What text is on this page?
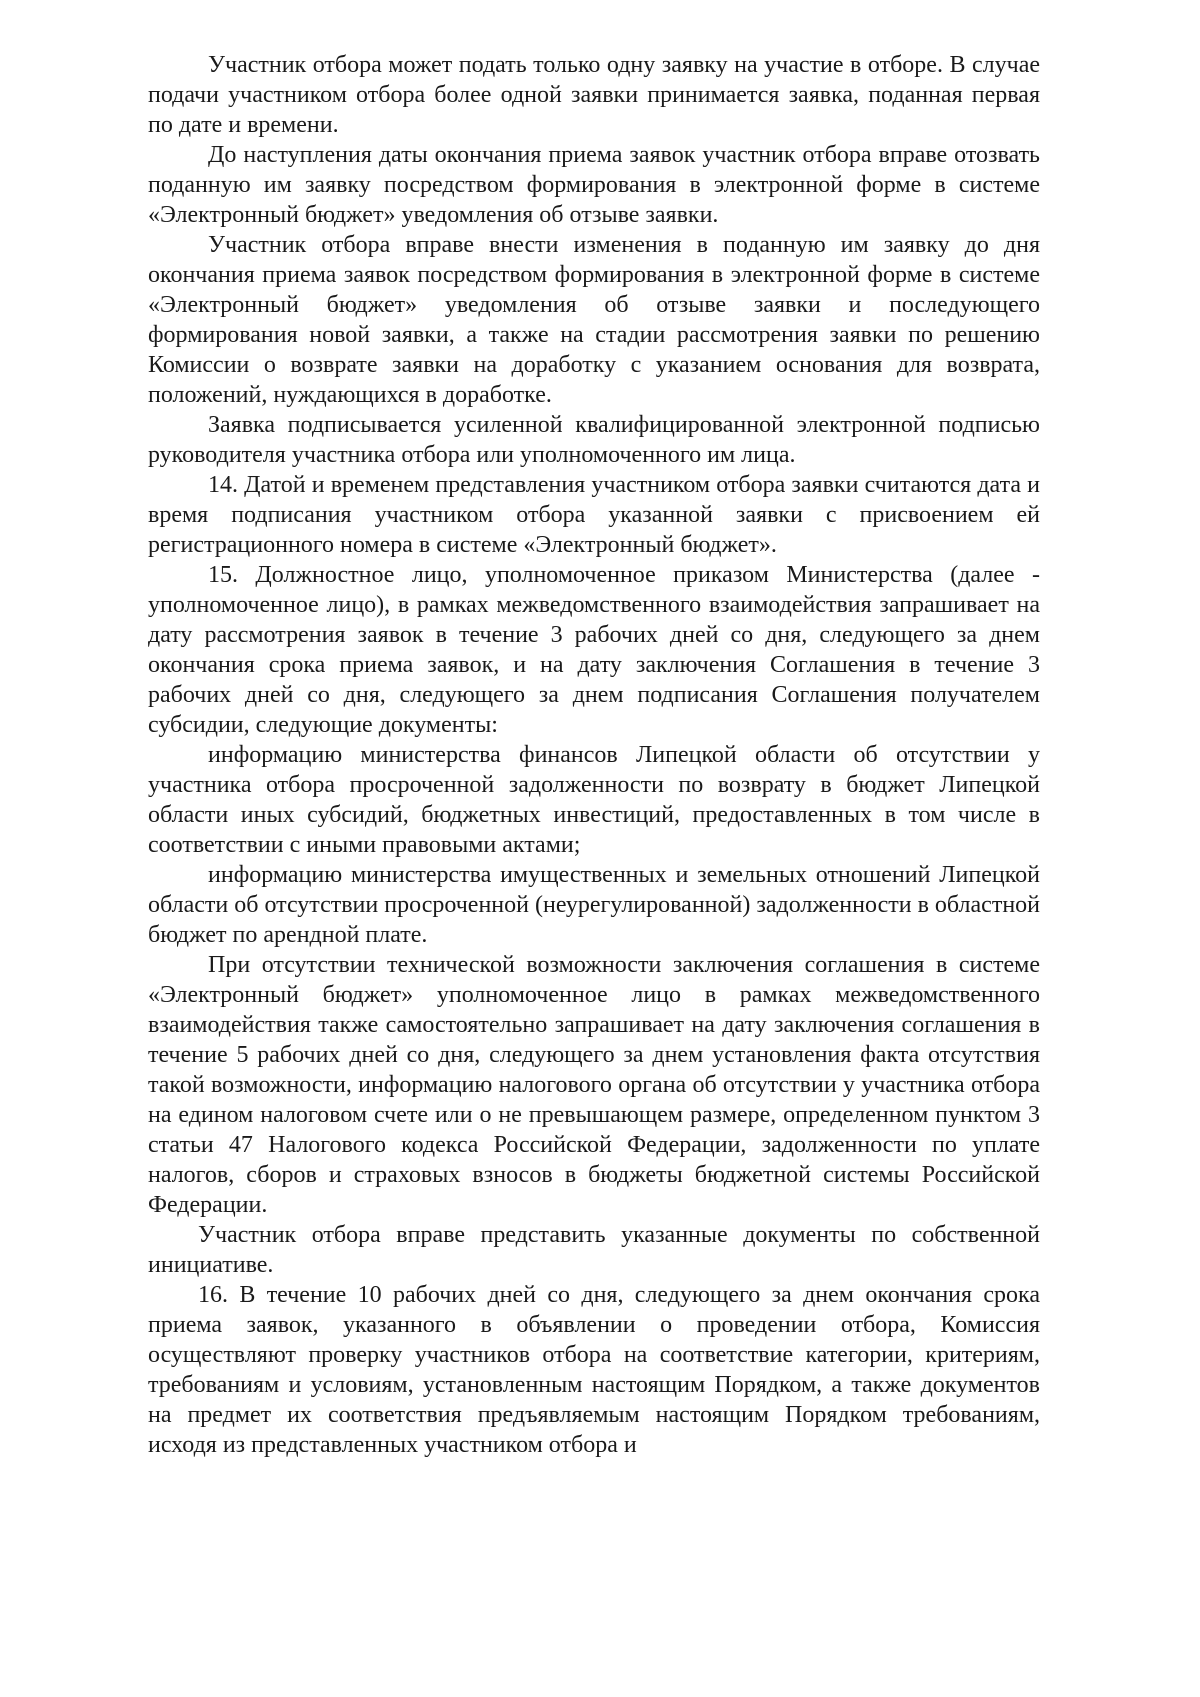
Участник отбора может подать только одну заявку на участие в отборе. В случае подачи участником отбора более одной заявки принимается заявка, поданная первая по дате и времени.

До наступления даты окончания приема заявок участник отбора вправе отозвать поданную им заявку посредством формирования в электронной форме в системе «Электронный бюджет» уведомления об отзыве заявки.

Участник отбора вправе внести изменения в поданную им заявку до дня окончания приема заявок посредством формирования в электронной форме в системе «Электронный бюджет» уведомления об отзыве заявки и последующего формирования новой заявки, а также на стадии рассмотрения заявки по решению Комиссии о возврате заявки на доработку с указанием основания для возврата, положений, нуждающихся в доработке.

Заявка подписывается усиленной квалифицированной электронной подписью руководителя участника отбора или уполномоченного им лица.

14. Датой и временем представления участником отбора заявки считаются дата и время подписания участником отбора указанной заявки с присвоением ей регистрационного номера в системе «Электронный бюджет».

15. Должностное лицо, уполномоченное приказом Министерства (далее - уполномоченное лицо), в рамках межведомственного взаимодействия запрашивает на дату рассмотрения заявок в течение 3 рабочих дней со дня, следующего за днем окончания срока приема заявок, и на дату заключения Соглашения в течение 3 рабочих дней со дня, следующего за днем подписания Соглашения получателем субсидии, следующие документы:

информацию министерства финансов Липецкой области об отсутствии у участника отбора просроченной задолженности по возврату в бюджет Липецкой области иных субсидий, бюджетных инвестиций, предоставленных в том числе в соответствии с иными правовыми актами;

информацию министерства имущественных и земельных отношений Липецкой области об отсутствии просроченной (неурегулированной) задолженности в областной бюджет по арендной плате.

При отсутствии технической возможности заключения соглашения в системе «Электронный бюджет» уполномоченное лицо в рамках межведомственного взаимодействия также самостоятельно запрашивает на дату заключения соглашения в течение 5 рабочих дней со дня, следующего за днем установления факта отсутствия такой возможности, информацию налогового органа об отсутствии у участника отбора на едином налоговом счете или о не превышающем размере, определенном пунктом 3 статьи 47 Налогового кодекса Российской Федерации, задолженности по уплате налогов, сборов и страховых взносов в бюджеты бюджетной системы Российской Федерации.

Участник отбора вправе представить указанные документы по собственной инициативе.

16. В течение 10 рабочих дней со дня, следующего за днем окончания срока приема заявок, указанного в объявлении о проведении отбора, Комиссия осуществляют проверку участников отбора на соответствие категории, критериям, требованиям и условиям, установленным настоящим Порядком, а также документов на предмет их соответствия предъявляемым настоящим Порядком требованиям, исходя из представленных участником отбора и
